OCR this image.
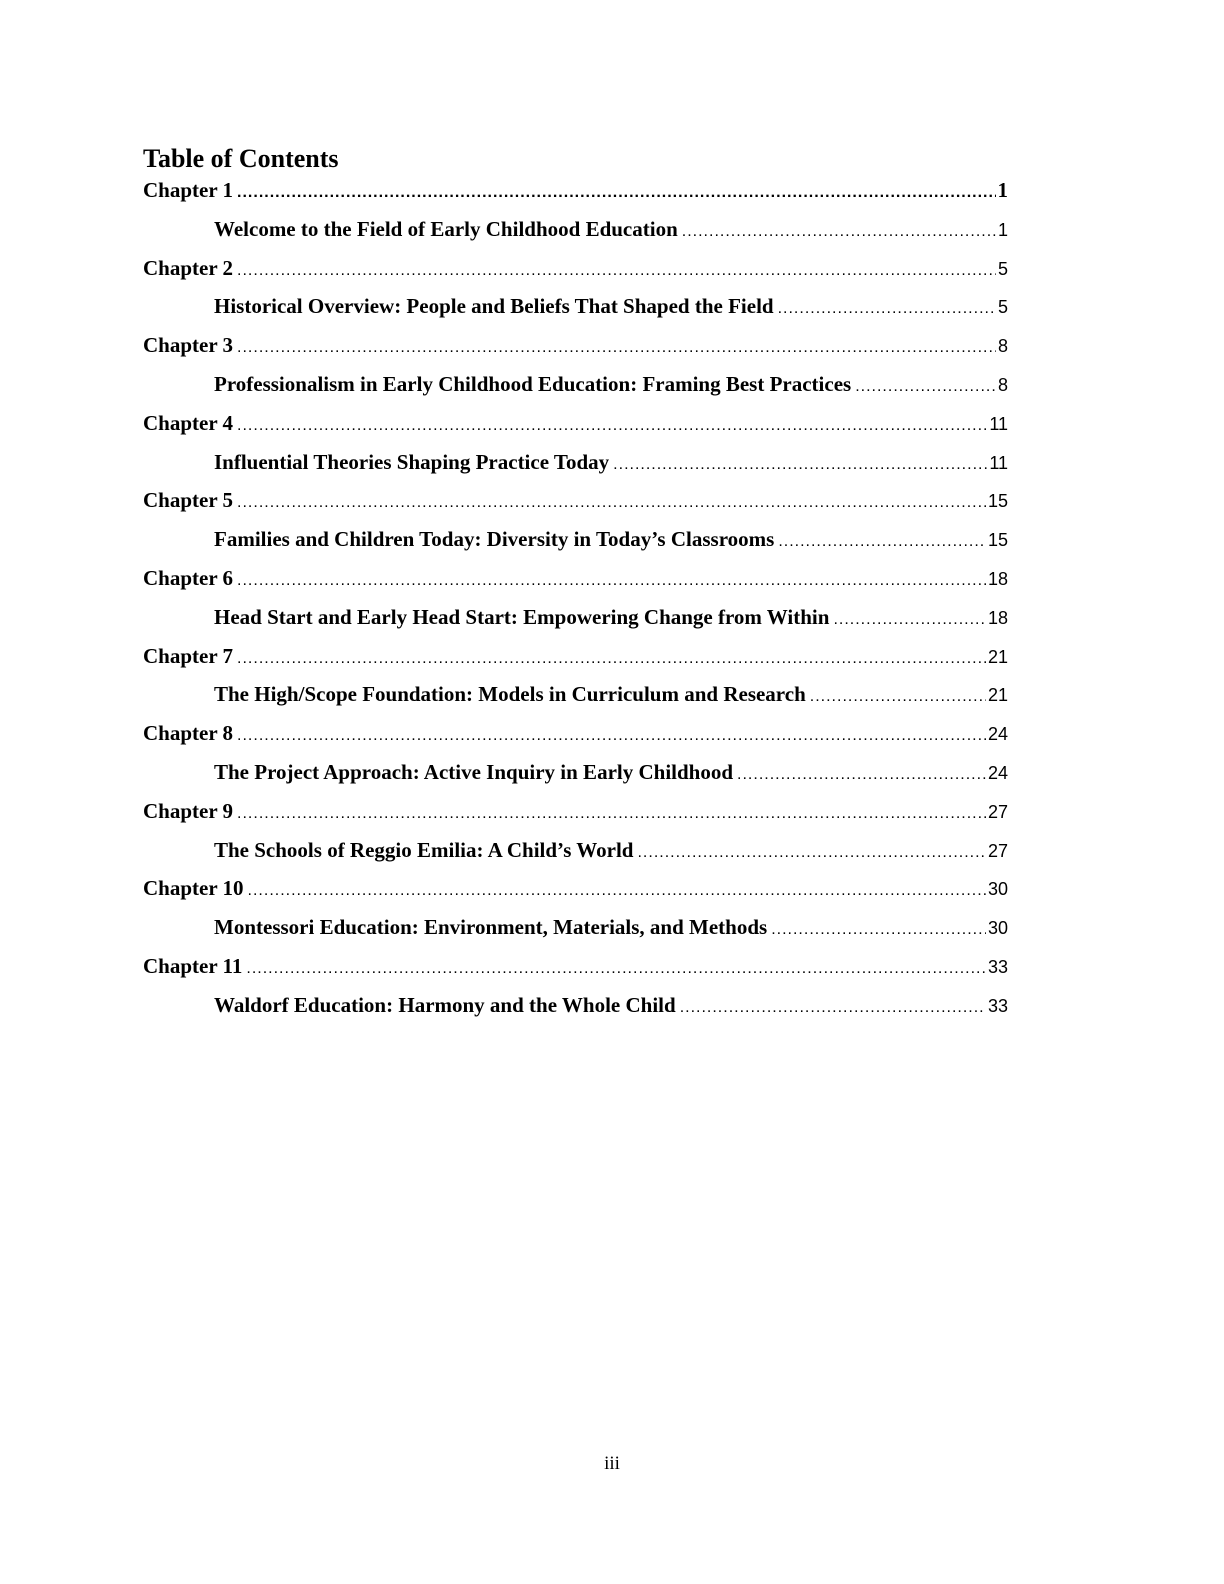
Table of Contents
Chapter 1 .....	1
Welcome to the Field of Early Childhood Education .....	1
Chapter 2 .....	5
Historical Overview: People and Beliefs That Shaped the Field .....	5
Chapter 3 .....	8
Professionalism in Early Childhood Education: Framing Best Practices .....	8
Chapter 4 .....	11
Influential Theories Shaping Practice Today .....	11
Chapter 5 .....	15
Families and Children Today: Diversity in Today’s Classrooms .....	15
Chapter 6 .....	18
Head Start and Early Head Start: Empowering Change from Within .....	18
Chapter 7 .....	21
The High/Scope Foundation: Models in Curriculum and Research .....	21
Chapter 8 .....	24
The Project Approach: Active Inquiry in Early Childhood .....	24
Chapter 9 .....	27
The Schools of Reggio Emilia: A Child’s World .....	27
Chapter 10 .....	30
Montessori Education: Environment, Materials, and Methods .....	30
Chapter 11 .....	33
Waldorf Education: Harmony and the Whole Child .....	33
iii
